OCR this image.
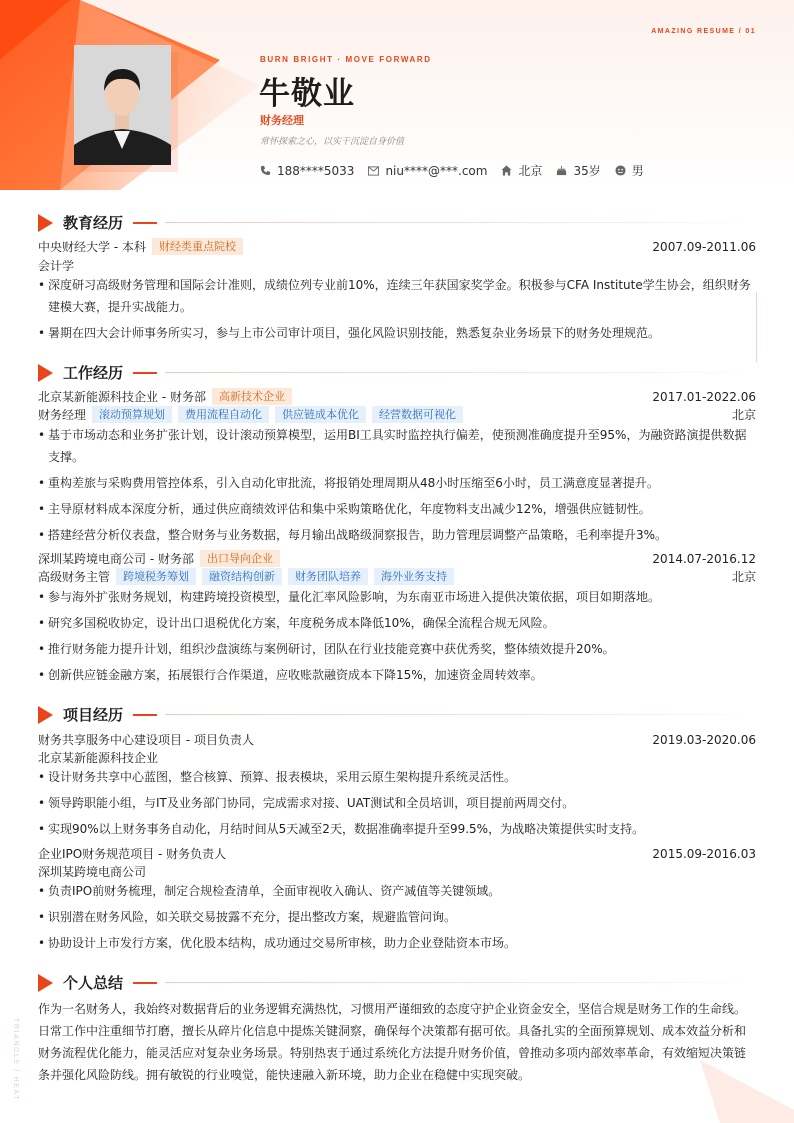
AMAZING RESUME / 01
BURN BRIGHT · MOVE FORWARD
牛敬业
财务经理
常怀探索之心，以实干沉淀自身价值
188****5033	niu****@***.com	北京	35岁	男
教育经历
中央财经大学 - 本科	财经类重点院校	2007.09-2011.06
会计学
• 深度研习高级财务管理和国际会计准则，成绩位列专业前10%，连续三年获国家奖学金。积极参与CFA Institute学生协会，组织财务建模大赛，提升实战能力。
• 暑期在四大会计师事务所实习，参与上市公司审计项目，强化风险识别技能，熟悉复杂业务场景下的财务处理规范。
工作经历
北京某新能源科技企业 - 财务部	高新技术企业	2017.01-2022.06
财务经理	滚动预算规划	费用流程自动化	供应链成本优化	经营数据可视化	北京
• 基于市场动态和业务扩张计划，设计滚动预算模型，运用BI工具实时监控执行偏差，使预测准确度提升至95%，为融资路演提供数据支撑。
• 重构差旅与采购费用管控体系，引入自动化审批流，将报销处理周期从48小时压缩至6小时，员工满意度显著提升。
• 主导原材料成本深度分析，通过供应商绩效评估和集中采购策略优化，年度物料支出减少12%，增强供应链韧性。
• 搭建经营分析仪表盘，整合财务与业务数据，每月输出战略级洞察报告，助力管理层调整产品策略，毛利率提升3%。
深圳某跨境电商公司 - 财务部	出口导向企业	2014.07-2016.12
高级财务主管	跨境税务筹划	融资结构创新	财务团队培养	海外业务支持	北京
• 参与海外扩张财务规划，构建跨境投资模型，量化汇率风险影响，为东南亚市场进入提供决策依据，项目如期落地。
• 研究多国税收协定，设计出口退税优化方案，年度税务成本降低10%，确保全流程合规无风险。
• 推行财务能力提升计划，组织沙盘演练与案例研讨，团队在行业技能竞赛中获优秀奖，整体绩效提升20%。
• 创新供应链金融方案，拓展银行合作渠道，应收账款融资成本下降15%，加速资金周转效率。
项目经历
财务共享服务中心建设项目 - 项目负责人	2019.03-2020.06
北京某新能源科技企业
• 设计财务共享中心蓝图，整合核算、预算、报表模块，采用云原生架构提升系统灵活性。
• 领导跨职能小组，与IT及业务部门协同，完成需求对接、UAT测试和全员培训，项目提前两周交付。
• 实现90%以上财务事务自动化，月结时间从5天减至2天，数据准确率提升至99.5%，为战略决策提供实时支持。
企业IPO财务规范项目 - 财务负责人	2015.09-2016.03
深圳某跨境电商公司
• 负责IPO前财务梳理，制定合规检查清单，全面审视收入确认、资产减值等关键领域。
• 识别潜在财务风险，如关联交易披露不充分，提出整改方案，规避监管问询。
• 协助设计上市发行方案，优化股本结构，成功通过交易所审核，助力企业登陆资本市场。
个人总结
作为一名财务人，我始终对数据背后的业务逻辑充满热忱，习惯用严谨细致的态度守护企业资金安全，坚信合规是财务工作的生命线。
日常工作中注重细节打磨，擅长从碎片化信息中提炼关键洞察，确保每个决策都有据可依。具备扎实的全面预算规划、成本效益分析和
财务流程优化能力，能灵活应对复杂业务场景。特别热衷于通过系统化方法提升财务价值，曾推动多项内部效率革命，有效缩短决策链
条并强化风险防线。拥有敏锐的行业嗅觉，能快速融入新环境，助力企业在稳健中实现突破。
TRIANGLE / HEAT
